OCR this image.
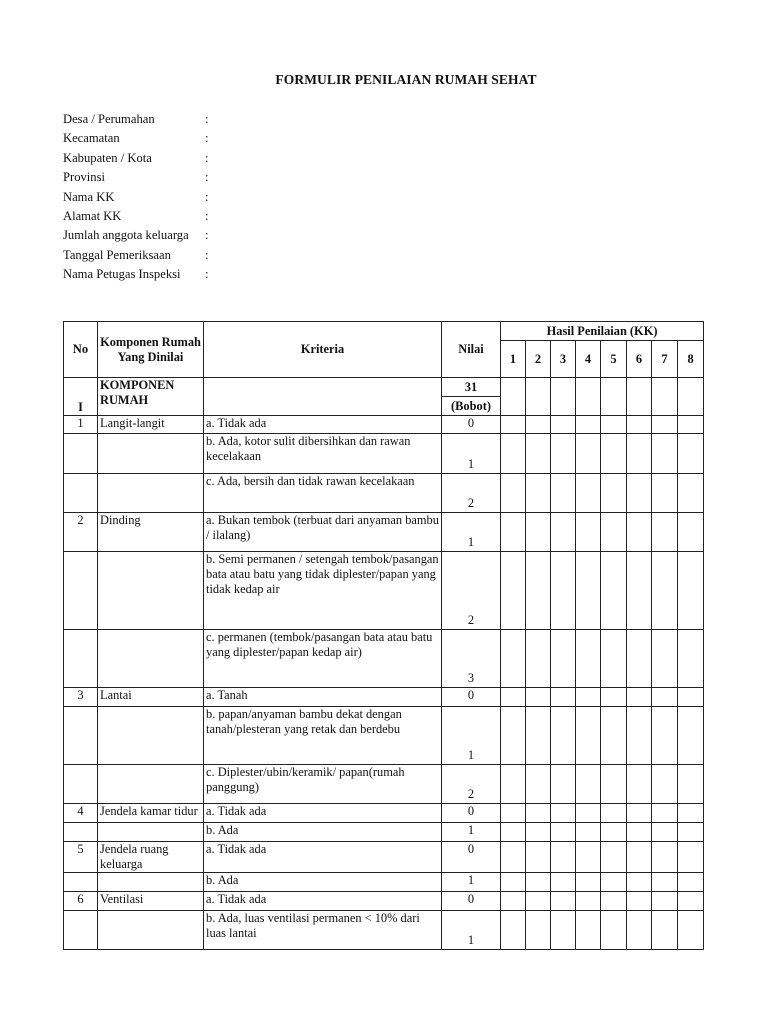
FORMULIR PENILAIAN RUMAH SEHAT
Desa / Perumahan	:
Kecamatan	:
Kabupaten / Kota	:
Provinsi	:
Nama KK	:
Alamat KK	:
Jumlah anggota keluarga :
Tanggal Pemeriksaan	:
Nama Petugas Inspeksi :
No	Komponen Rumah Yang Dinilai	Kriteria	Nilai	Hasil Penilaian (KK)							
				1	2	3	4	5	6	7	8
I	KOMPONEN RUMAH		31								
			(Bobot)								
1	Langit-langit	a. Tidak ada	0								
		b. Ada, kotor sulit dibersihkan dan rawan kecelakaan	1								
		c. Ada, bersih dan tidak rawan kecelakaan	2								
2	Dinding	a. Bukan tembok (terbuat dari anyaman bambu / ilalang)	1								
		b. Semi permanen / setengah tembok/pasangan bata atau batu yang tidak diplester/papan yang tidak kedap air	2								
		c. permanen (tembok/pasangan bata atau batu yang diplester/papan kedap air)	3								
3	Lantai	a. Tanah	0								
		b. papan/anyaman bambu dekat dengan tanah/plesteran yang retak dan berdebu	1								
		c. Diplester/ubin/keramik/ papan(rumah panggung)	2								
4	Jendela kamar tidur	a. Tidak ada	0								
		b. Ada	1								
5	Jendela ruang keluarga	a. Tidak ada	0								
		b. Ada	1								
6	Ventilasi	a. Tidak ada	0								
		b. Ada, luas ventilasi permanen < 10% dari luas lantai	1								
